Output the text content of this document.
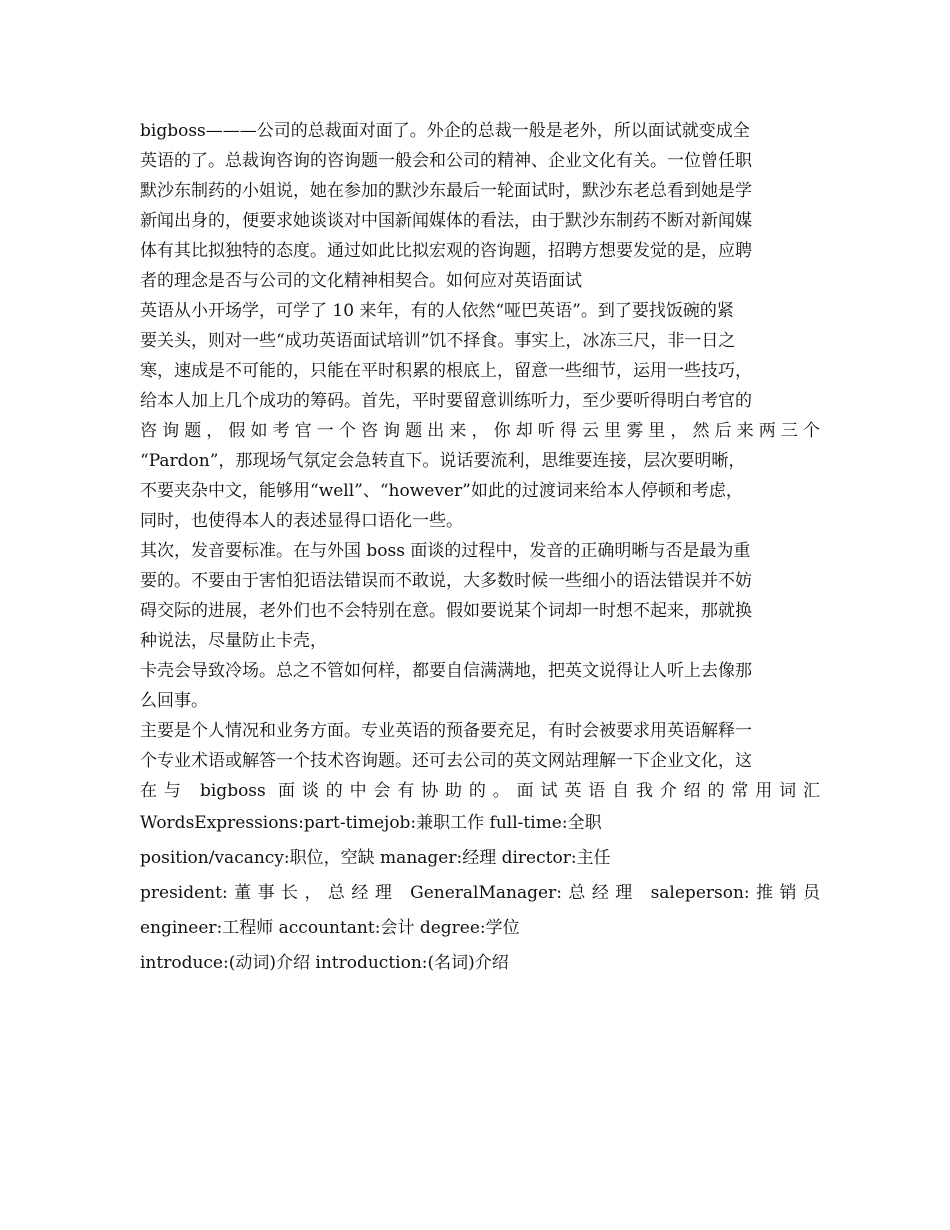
bigboss———公司的总裁面对面了。外企的总裁一般是老外，所以面试就变成全
英语的了。总裁询咨询的咨询题一般会和公司的精神、企业文化有关。一位曾任职
默沙东制药的小姐说，她在参加的默沙东最后一轮面试时，默沙东老总看到她是学
新闻出身的，便要求她谈谈对中国新闻媒体的看法，由于默沙东制药不断对新闻媒
体有其比拟独特的态度。通过如此比拟宏观的咨询题，招聘方想要发觉的是，应聘
者的理念是否与公司的文化精神相契合。如何应对英语面试
英语从小开场学，可学了 10 来年，有的人依然“哑巴英语”。到了要找饭碗的紧
要关头，则对一些“成功英语面试培训”饥不择食。事实上，冰冻三尺，非一日之
寒，速成是不可能的，只能在平时积累的根底上，留意一些细节，运用一些技巧，
给本人加上几个成功的筹码。首先，平时要留意训练听力，至少要听得明白考官的
咨询题，假如考官一个咨询题出来，你却听得云里雾里，然后来两三个
“Pardon”，那现场气氛定会急转直下。说话要流利，思维要连接，层次要明晰，
不要夹杂中文，能够用“well”、“however”如此的过渡词来给本人停顿和考虑，
同时，也使得本人的表述显得口语化一些。
其次，发音要标准。在与外国 boss 面谈的过程中，发音的正确明晰与否是最为重
要的。不要由于害怕犯语法错误而不敢说，大多数时候一些细小的语法错误并不妨
碍交际的进展，老外们也不会特别在意。假如要说某个词却一时想不起来，那就换
种说法，尽量防止卡壳，
卡壳会导致冷场。总之不管如何样，都要自信满满地，把英文说得让人听上去像那
么回事。
主要是个人情况和业务方面。专业英语的预备要充足，有时会被要求用英语解释一
个专业术语或解答一个技术咨询题。还可去公司的英文网站理解一下企业文化，这
在与 bigboss 面谈的中会有协助的。面试英语自我介绍的常用词汇
WordsExpressions:part-timejob:兼职工作 full-time:全职
position/vacancy:职位，空缺 manager:经理 director:主任
president:董事长，总经理 GeneralManager:总经理 saleperson:推销员
engineer:工程师 accountant:会计 degree:学位
introduce:(动词)介绍 introduction:(名词)介绍
